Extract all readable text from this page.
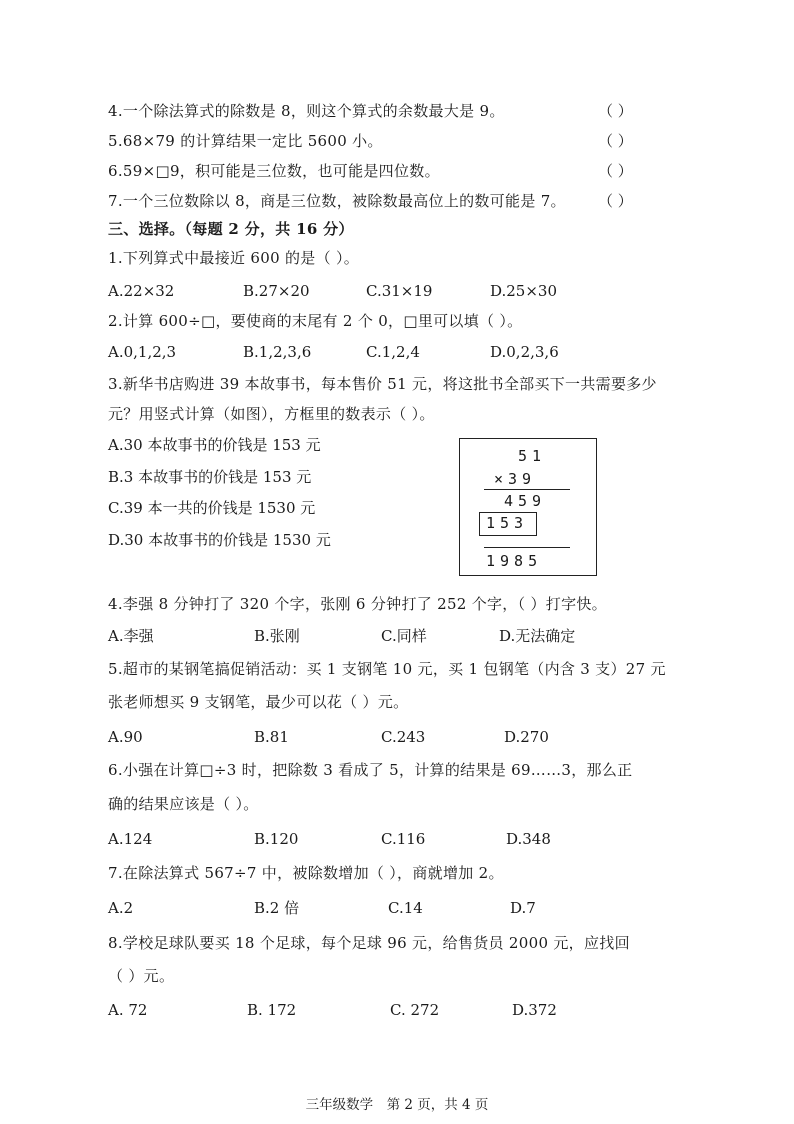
4.一个除法算式的除数是 8，则这个算式的余数最大是 9。	（ ）
5.68×79 的计算结果一定比 5600 小。	（ ）
6.59×□9，积可能是三位数，也可能是四位数。	（ ）
7.一个三位数除以 8，商是三位数，被除数最高位上的数可能是 7。 （ ）
三、选择。（每题 2 分，共 16 分）
1.下列算式中最接近 600 的是（ ）。
A.22×32	B.27×20	C.31×19	D.25×30
2.计算 600÷□，要使商的末尾有 2 个 0，□里可以填（ ）。
A.0,1,2,3	B.1,2,3,6	C.1,2,4	D.0,2,3,6
3.新华书店购进 39 本故事书，每本售价 51 元，将这批书全部买下一共需要多少
元？用竖式计算（如图），方框里的数表示（ ）。
A.30 本故事书的价钱是 153 元
B.3 本故事书的价钱是 153 元
C.39 本一共的价钱是 1530 元
D.30 本故事书的价钱是 1530 元
51
×39
459
153
1985
4.李强 8 分钟打了 320 个字，张刚 6 分钟打了 252 个字，（ ）打字快。
A.李强	B.张刚	C.同样	D.无法确定
5.超市的某钢笔搞促销活动：买 1 支钢笔 10 元，买 1 包钢笔（内含 3 支）27 元
张老师想买 9 支钢笔，最少可以花（ ）元。
A.90	B.81	C.243	D.270
6.小强在计算□÷3 时，把除数 3 看成了 5，计算的结果是 69……3，那么正
确的结果应该是（ ）。
A.124	B.120	C.116	D.348
7.在除法算式 567÷7 中，被除数增加（ ），商就增加 2。
A.2	B.2 倍	C.14	D.7
8.学校足球队要买 18 个足球，每个足球 96 元，给售货员 2000 元，应找回
（ ）元。
A. 72	B. 172	C. 272	D.372
三年级数学　第 2 页，共 4 页
